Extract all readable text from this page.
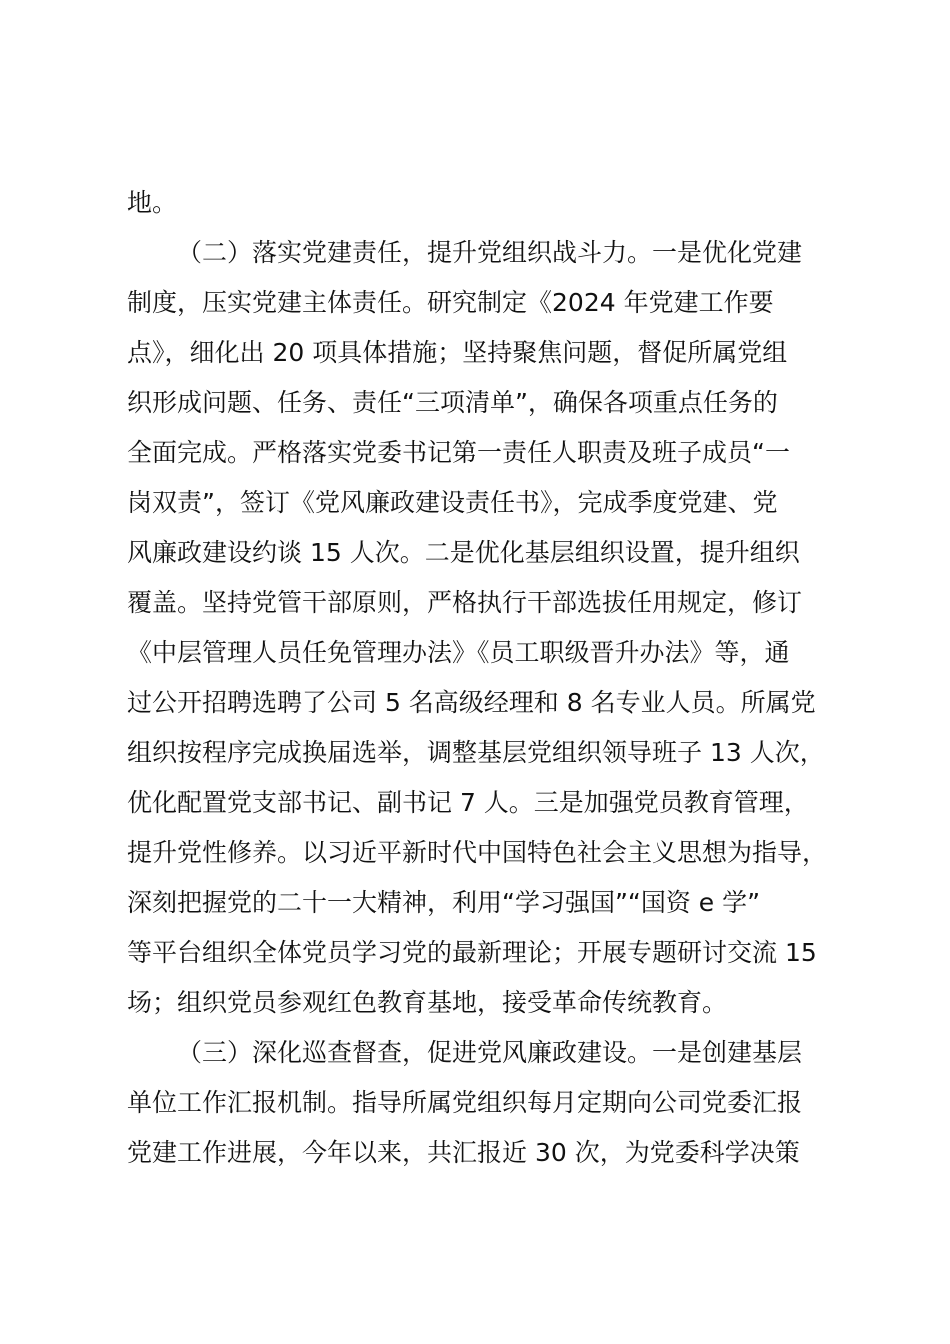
地。
（二）落实党建责任，提升党组织战斗力。一是优化党建
制度，压实党建主体责任。研究制定《2024 年党建工作要
点》，细化出 20 项具体措施；坚持聚焦问题，督促所属党组
织形成问题、任务、责任“三项清单”，确保各项重点任务的
全面完成。严格落实党委书记第一责任人职责及班子成员“一
岗双责”，签订《党风廉政建设责任书》，完成季度党建、党
风廉政建设约谈 15 人次。二是优化基层组织设置，提升组织
覆盖。坚持党管干部原则，严格执行干部选拔任用规定，修订
《中层管理人员任免管理办法》《员工职级晋升办法》等，通
过公开招聘选聘了公司 5 名高级经理和 8 名专业人员。所属党
组织按程序完成换届选举，调整基层党组织领导班子 13 人次，
优化配置党支部书记、副书记 7 人。三是加强党员教育管理，
提升党性修养。以习近平新时代中国特色社会主义思想为指导，
深刻把握党的二十一大精神，利用“学习强国”“国资 e 学”
等平台组织全体党员学习党的最新理论；开展专题研讨交流 15
场；组织党员参观红色教育基地，接受革命传统教育。
（三）深化巡查督查，促进党风廉政建设。一是创建基层
单位工作汇报机制。指导所属党组织每月定期向公司党委汇报
党建工作进展，今年以来，共汇报近 30 次，为党委科学决策
